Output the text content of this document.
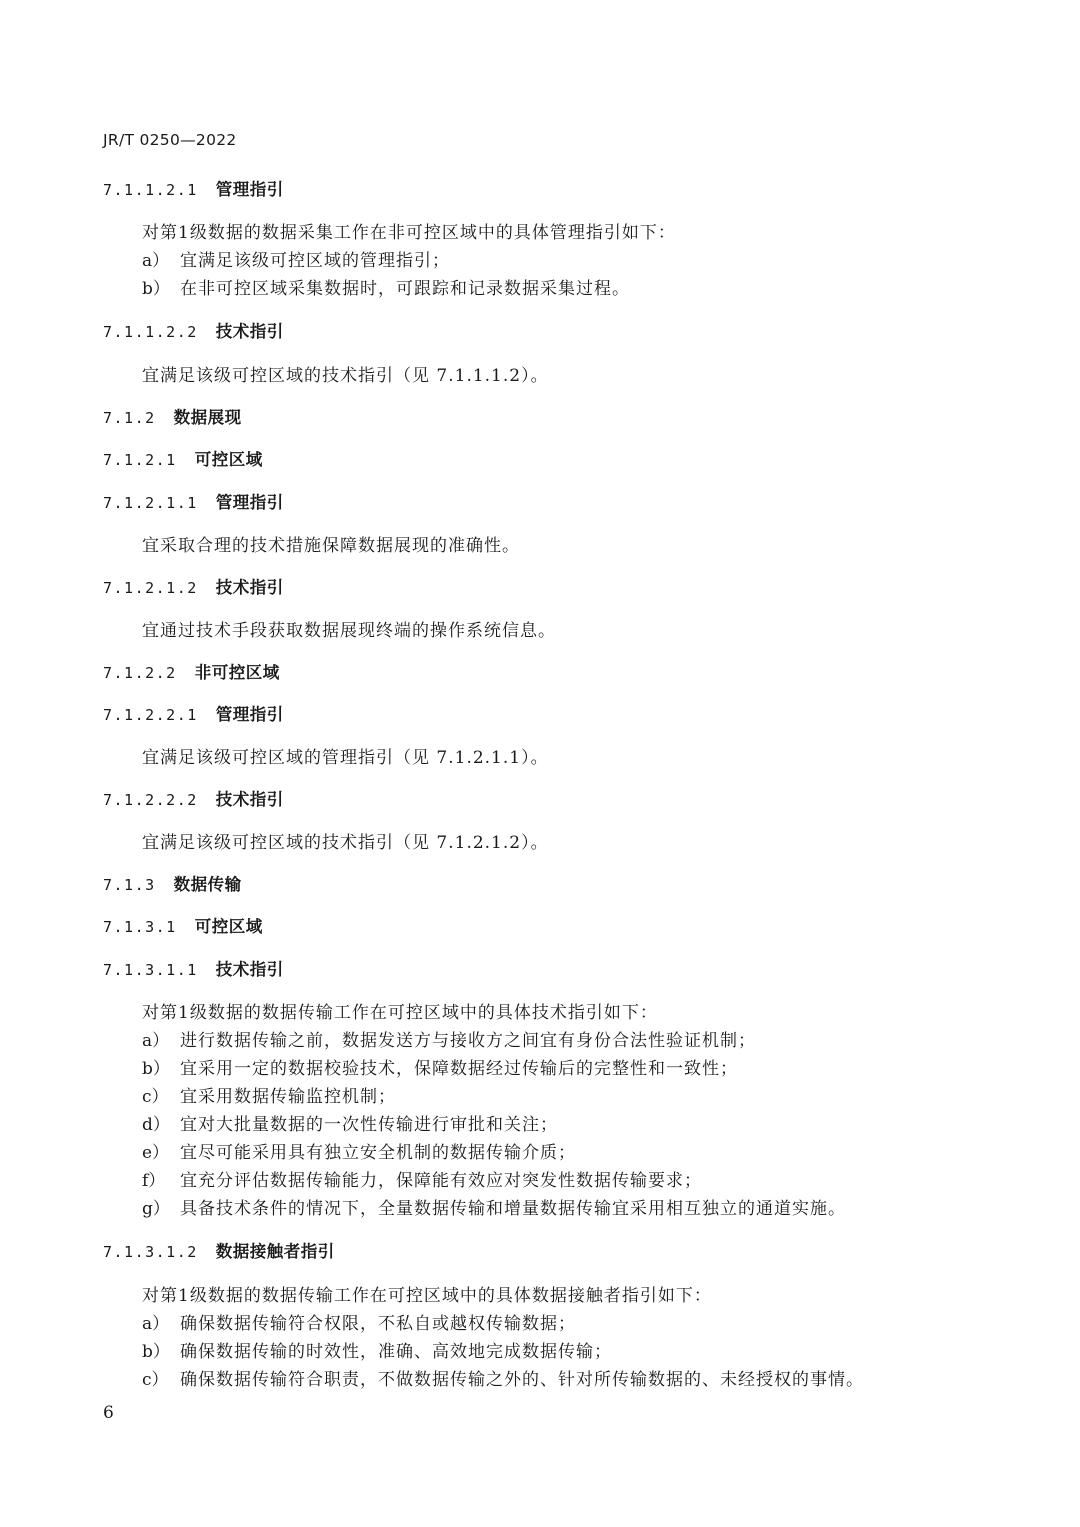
JR/T 0250—2022
7.1.1.2.1 管理指引
对第1级数据的数据采集工作在非可控区域中的具体管理指引如下：
a） 宜满足该级可控区域的管理指引；
b） 在非可控区域采集数据时，可跟踪和记录数据采集过程。
7.1.1.2.2 技术指引
宜满足该级可控区域的技术指引（见 7.1.1.1.2）。
7.1.2 数据展现
7.1.2.1 可控区域
7.1.2.1.1 管理指引
宜采取合理的技术措施保障数据展现的准确性。
7.1.2.1.2 技术指引
宜通过技术手段获取数据展现终端的操作系统信息。
7.1.2.2 非可控区域
7.1.2.2.1 管理指引
宜满足该级可控区域的管理指引（见 7.1.2.1.1）。
7.1.2.2.2 技术指引
宜满足该级可控区域的技术指引（见 7.1.2.1.2）。
7.1.3 数据传输
7.1.3.1 可控区域
7.1.3.1.1 技术指引
对第1级数据的数据传输工作在可控区域中的具体技术指引如下：
a） 进行数据传输之前，数据发送方与接收方之间宜有身份合法性验证机制；
b） 宜采用一定的数据校验技术，保障数据经过传输后的完整性和一致性；
c） 宜采用数据传输监控机制；
d） 宜对大批量数据的一次性传输进行审批和关注；
e） 宜尽可能采用具有独立安全机制的数据传输介质；
f） 宜充分评估数据传输能力，保障能有效应对突发性数据传输要求；
g） 具备技术条件的情况下，全量数据传输和增量数据传输宜采用相互独立的通道实施。
7.1.3.1.2 数据接触者指引
对第1级数据的数据传输工作在可控区域中的具体数据接触者指引如下：
a） 确保数据传输符合权限，不私自或越权传输数据；
b） 确保数据传输的时效性，准确、高效地完成数据传输；
c） 确保数据传输符合职责，不做数据传输之外的、针对所传输数据的、未经授权的事情。
6
